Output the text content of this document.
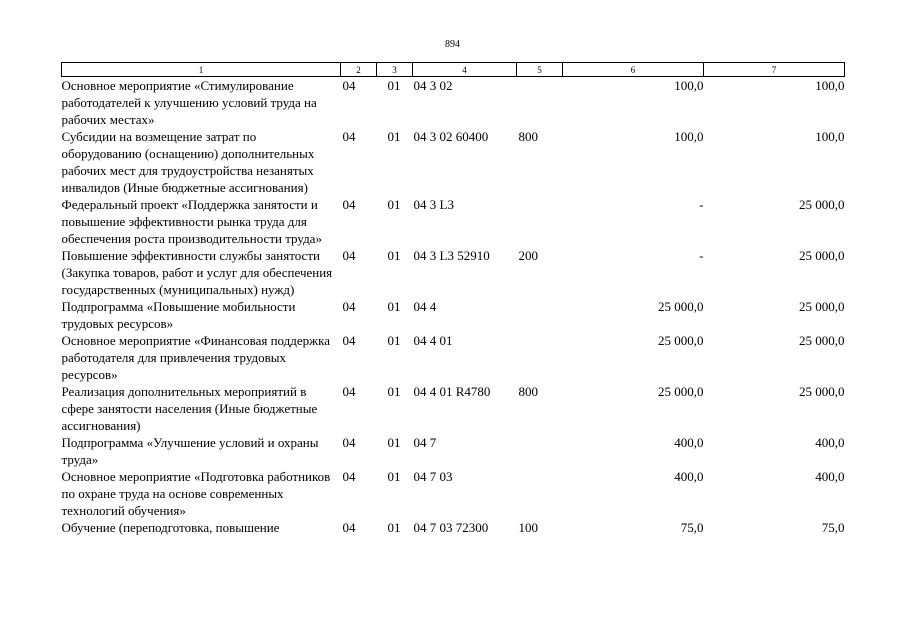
894
1	2	3	4	5	6	7
Основное мероприятие «Стимулирование работодателей к улучшению условий труда на рабочих местах»	04	01	04 3 02		100,0	100,0
Субсидии на возмещение затрат по оборудованию (оснащению) дополнительных рабочих мест для трудоустройства незанятых инвалидов (Иные бюджетные ассигнования)	04	01	04 3 02 60400	800	100,0	100,0
Федеральный проект «Поддержка занятости и повышение эффективности рынка труда для обеспечения роста производительности труда»	04	01	04 3 L3		-	25 000,0
Повышение эффективности службы занятости (Закупка товаров, работ и услуг для обеспечения государственных (муниципальных) нужд)	04	01	04 3 L3 52910	200	-	25 000,0
Подпрограмма «Повышение мобильности трудовых ресурсов»	04	01	04 4		25 000,0	25 000,0
Основное мероприятие «Финансовая поддержка работодателя для привлечения трудовых ресурсов»	04	01	04 4 01		25 000,0	25 000,0
Реализация дополнительных мероприятий в сфере занятости населения (Иные бюджетные ассигнования)	04	01	04 4 01 R4780	800	25 000,0	25 000,0
Подпрограмма «Улучшение условий и охраны труда»	04	01	04 7		400,0	400,0
Основное мероприятие «Подготовка работников по охране труда на основе современных технологий обучения»	04	01	04 7 03		400,0	400,0
Обучение (переподготовка, повышение	04	01	04 7 03 72300	100	75,0	75,0
